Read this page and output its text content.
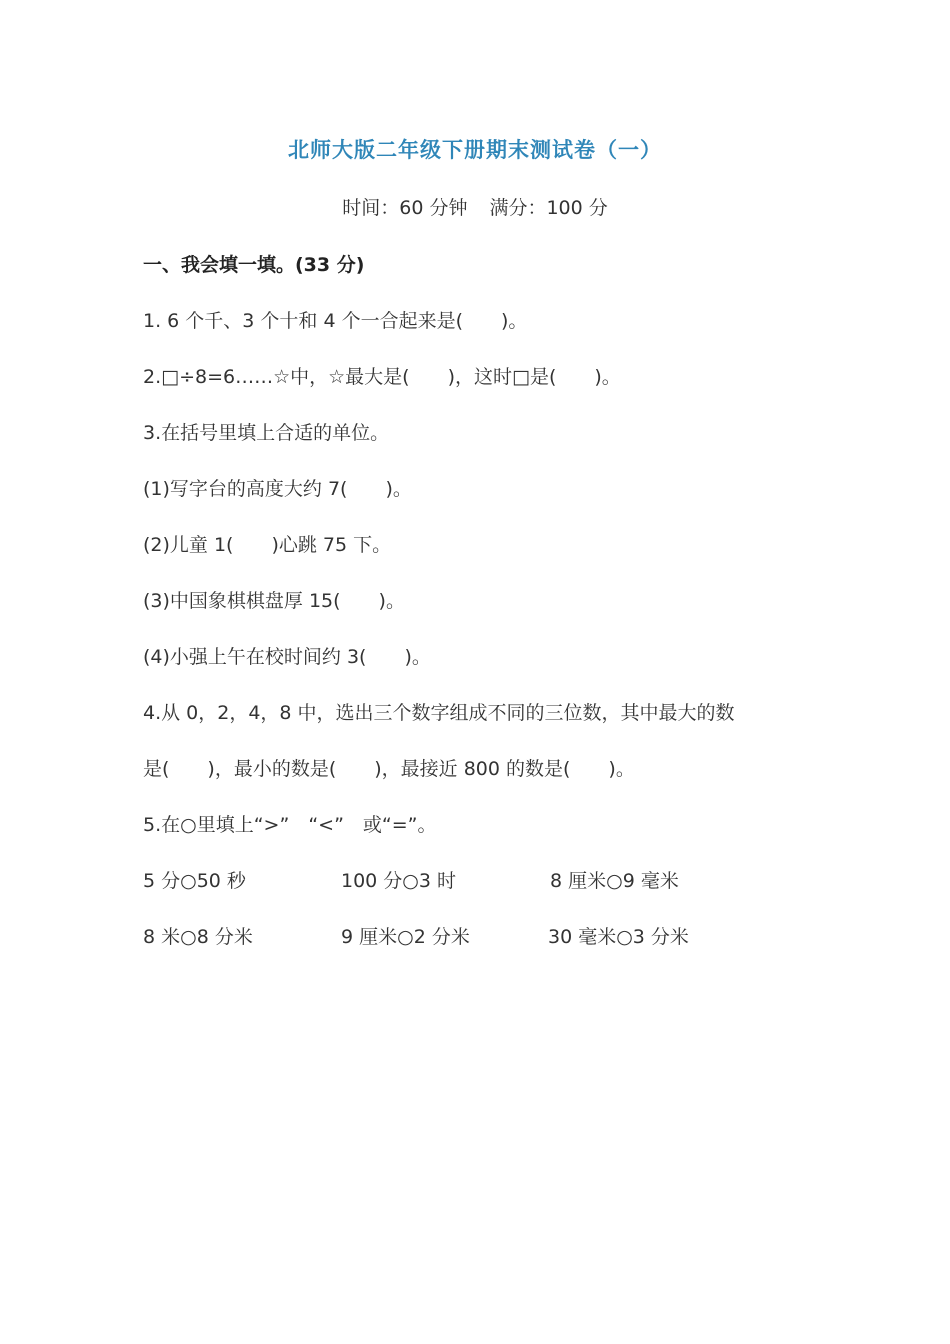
北师大版二年级下册期末测试卷（一）
时间：60 分钟 满分：100 分
一、我会填一填。(33 分)
1. 6 个千、3 个十和 4 个一合起来是(　　)。
2.□÷8=6……☆中，☆最大是(　　)，这时□是(　　)。
3.在括号里填上合适的单位。
(1)写字台的高度大约 7(　　)。
(2)儿童 1(　　)心跳 75 下。
(3)中国象棋棋盘厚 15(　　)。
(4)小强上午在校时间约 3(　　)。
4.从 0，2，4，8 中，选出三个数字组成不同的三位数，其中最大的数
是(　　)，最小的数是(　　)，最接近 800 的数是(　　)。
5.在○里填上“>”　“<”　或“=”。
5 分○50 秒	100 分○3 时	8 厘米○9 毫米
8 米○8 分米	9 厘米○2 分米	30 毫米○3 分米
